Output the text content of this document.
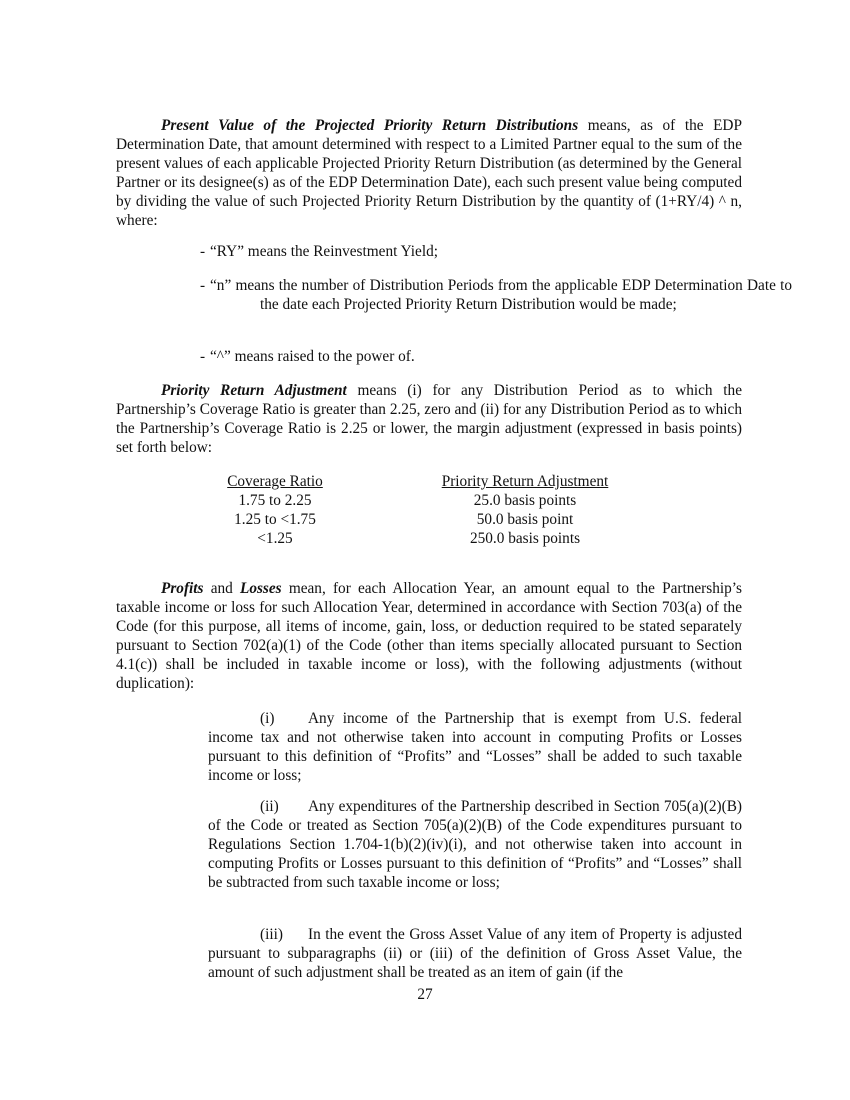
Present Value of the Projected Priority Return Distributions means, as of the EDP Determination Date, that amount determined with respect to a Limited Partner equal to the sum of the present values of each applicable Projected Priority Return Distribution (as determined by the General Partner or its designee(s) as of the EDP Determination Date), each such present value being computed by dividing the value of such Projected Priority Return Distribution by the quantity of (1+RY/4) ^ n, where:

- “RY” means the Reinvestment Yield;
- “n” means the number of Distribution Periods from the applicable EDP Determination Date to the date each Projected Priority Return Distribution would be made;
- “^” means raised to the power of.

Priority Return Adjustment means (i) for any Distribution Period as to which the Partnership’s Coverage Ratio is greater than 2.25, zero and (ii) for any Distribution Period as to which the Partnership’s Coverage Ratio is 2.25 or lower, the margin adjustment (expressed in basis points) set forth below:

Coverage Ratio	Priority Return Adjustment
1.75 to 2.25	25.0 basis points
1.25 to <1.75	50.0 basis point
<1.25	250.0 basis points

Profits and Losses mean, for each Allocation Year, an amount equal to the Partnership’s taxable income or loss for such Allocation Year, determined in accordance with Section 703(a) of the Code (for this purpose, all items of income, gain, loss, or deduction required to be stated separately pursuant to Section 702(a)(1) of the Code (other than items specially allocated pursuant to Section 4.1(c)) shall be included in taxable income or loss), with the following adjustments (without duplication):

(i) Any income of the Partnership that is exempt from U.S. federal income tax and not otherwise taken into account in computing Profits or Losses pursuant to this definition of “Profits” and “Losses” shall be added to such taxable income or loss;

(ii) Any expenditures of the Partnership described in Section 705(a)(2)(B) of the Code or treated as Section 705(a)(2)(B) of the Code expenditures pursuant to Regulations Section 1.704-1(b)(2)(iv)(i), and not otherwise taken into account in computing Profits or Losses pursuant to this definition of “Profits” and “Losses” shall be subtracted from such taxable income or loss;

(iii) In the event the Gross Asset Value of any item of Property is adjusted pursuant to subparagraphs (ii) or (iii) of the definition of Gross Asset Value, the amount of such adjustment shall be treated as an item of gain (if the

27
